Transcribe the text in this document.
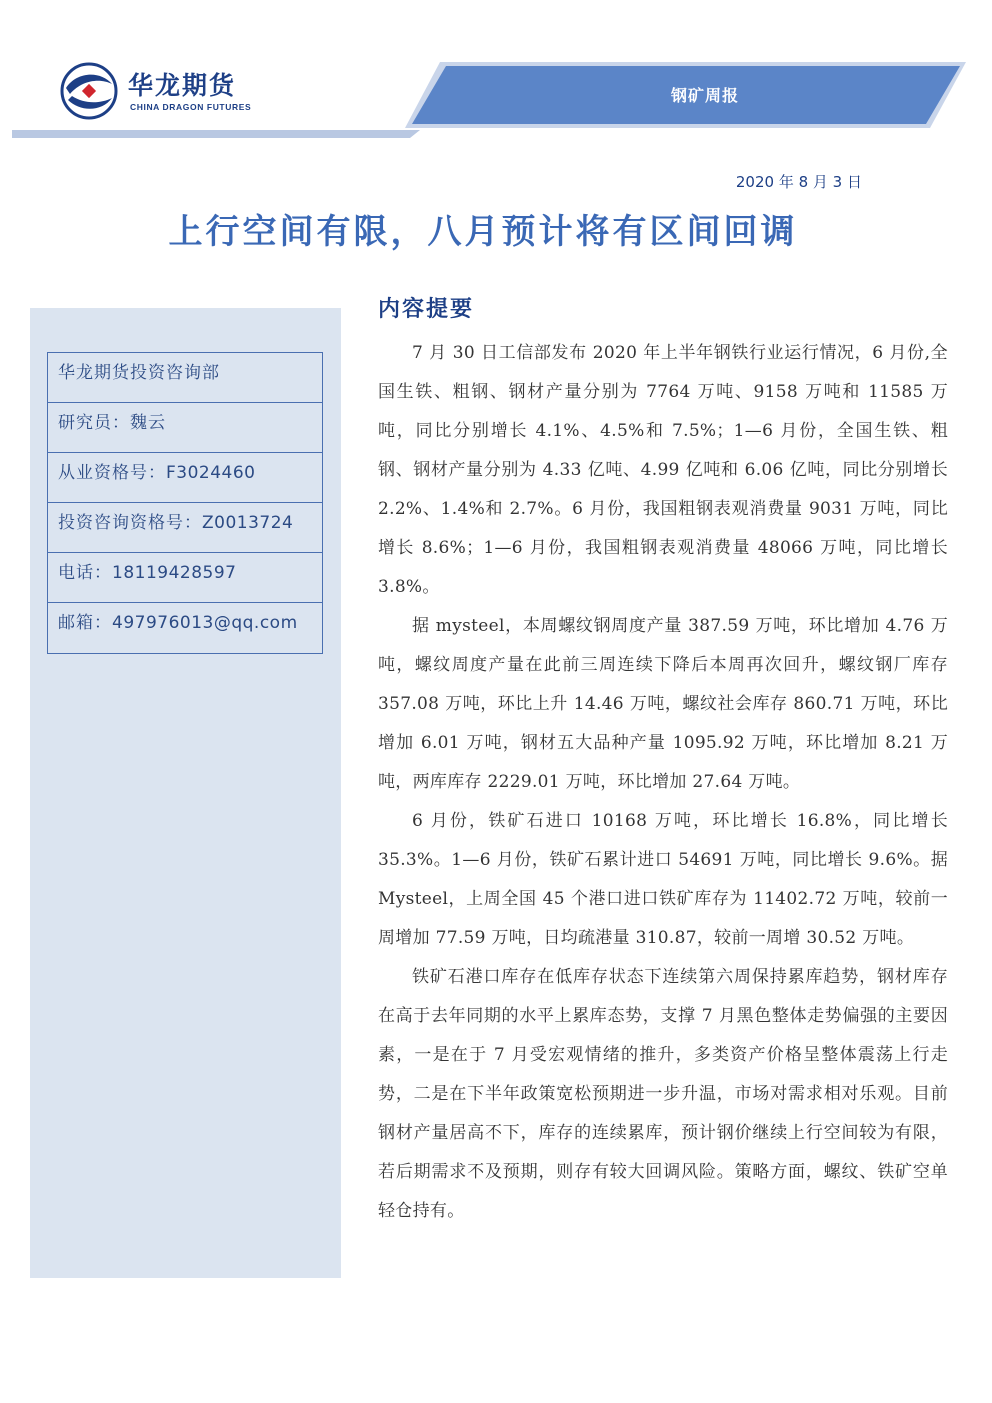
华龙期货
CHINA DRAGON FUTURES
钢矿周报
2020 年 8 月 3 日
上行空间有限，八月预计将有区间回调
华龙期货投资咨询部
研究员：魏云
从业资格号：F3024460
投资咨询资格号：Z0013724
电话：18119428597
邮箱：497976013@qq.com
内容提要

7 月 30 日工信部发布 2020 年上半年钢铁行业运行情况，6 月份,全国生铁、粗钢、钢材产量分别为 7764 万吨、9158 万吨和 11585 万吨，同比分别增长 4.1%、4.5%和 7.5%；1—6 月份，全国生铁、粗钢、钢材产量分别为 4.33 亿吨、4.99 亿吨和 6.06 亿吨，同比分别增长 2.2%、1.4%和 2.7%。6 月份，我国粗钢表观消费量 9031 万吨，同比增长 8.6%；1—6 月份，我国粗钢表观消费量 48066 万吨，同比增长 3.8%。

据 mysteel，本周螺纹钢周度产量 387.59 万吨，环比增加 4.76 万吨，螺纹周度产量在此前三周连续下降后本周再次回升，螺纹钢厂库存 357.08 万吨，环比上升 14.46 万吨，螺纹社会库存 860.71 万吨，环比增加 6.01 万吨，钢材五大品种产量 1095.92 万吨，环比增加 8.21 万吨，两库库存 2229.01 万吨，环比增加 27.64 万吨。

6 月份，铁矿石进口 10168 万吨，环比增长 16.8%，同比增长 35.3%。1—6 月份，铁矿石累计进口 54691 万吨，同比增长 9.6%。据 Mysteel，上周全国 45 个港口进口铁矿库存为 11402.72 万吨，较前一周增加 77.59 万吨，日均疏港量 310.87，较前一周增 30.52 万吨。

铁矿石港口库存在低库存状态下连续第六周保持累库趋势，钢材库存在高于去年同期的水平上累库态势，支撑 7 月黑色整体走势偏强的主要因素，一是在于 7 月受宏观情绪的推升，多类资产价格呈整体震荡上行走势，二是在下半年政策宽松预期进一步升温，市场对需求相对乐观。目前钢材产量居高不下，库存的连续累库，预计钢价继续上行空间较为有限，若后期需求不及预期，则存有较大回调风险。策略方面，螺纹、铁矿空单轻仓持有。
